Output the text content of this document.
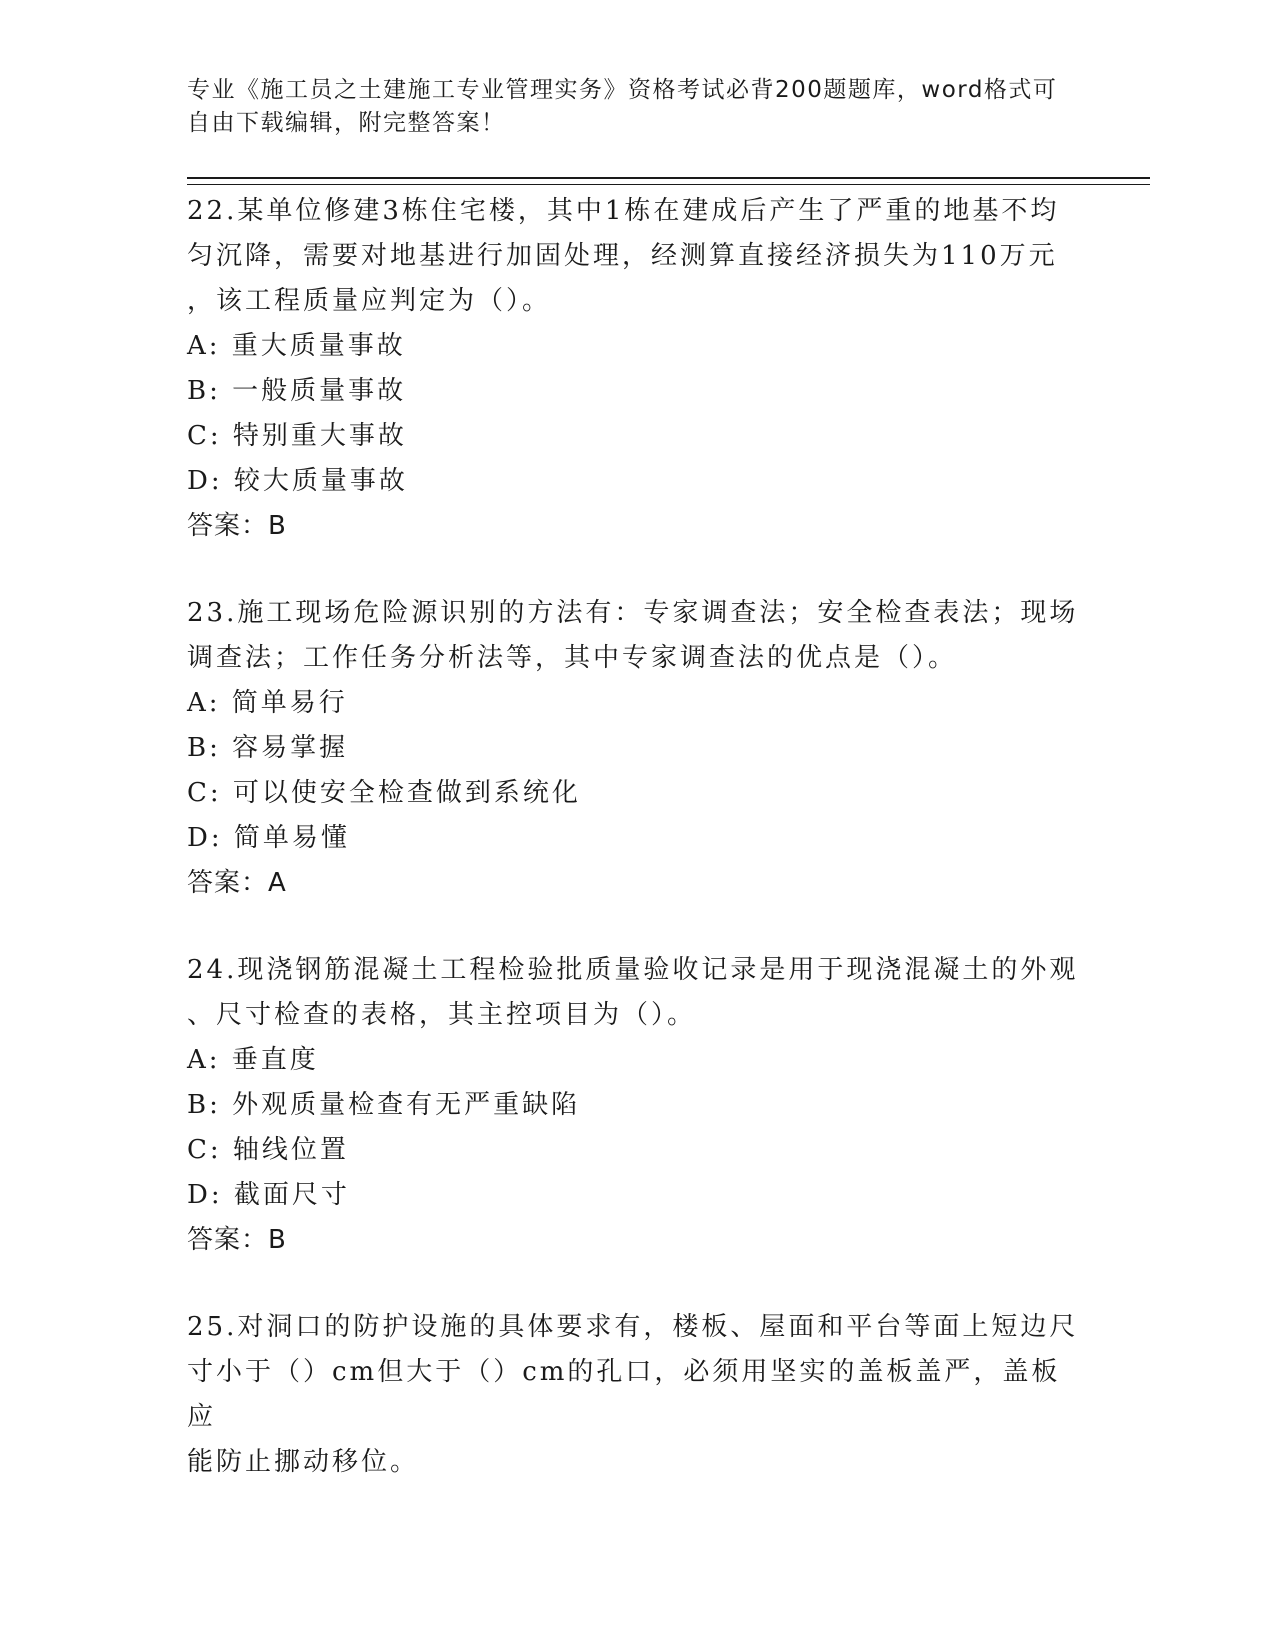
专业《施工员之土建施工专业管理实务》资格考试必背200题题库，word格式可
自由下载编辑，附完整答案！

22.某单位修建3栋住宅楼，其中1栋在建成后产生了严重的地基不均

匀沉降，需要对地基进行加固处理，经测算直接经济损失为110万元

，该工程质量应判定为（）。

A: 重大质量事故

B: 一般质量事故

C: 特别重大事故

D: 较大质量事故

答案：B

23.施工现场危险源识别的方法有：专家调查法；安全检查表法；现场

调查法；工作任务分析法等，其中专家调查法的优点是（）。

A: 简单易行

B: 容易掌握

C: 可以使安全检查做到系统化

D: 简单易懂

答案：A

24.现浇钢筋混凝土工程检验批质量验收记录是用于现浇混凝土的外观

、尺寸检查的表格，其主控项目为（）。

A: 垂直度

B: 外观质量检查有无严重缺陷

C: 轴线位置

D: 截面尺寸

答案：B

25.对洞口的防护设施的具体要求有，楼板、屋面和平台等面上短边尺

寸小于（）cm但大于（）cm的孔口，必须用坚实的盖板盖严，盖板应

能防止挪动移位。
